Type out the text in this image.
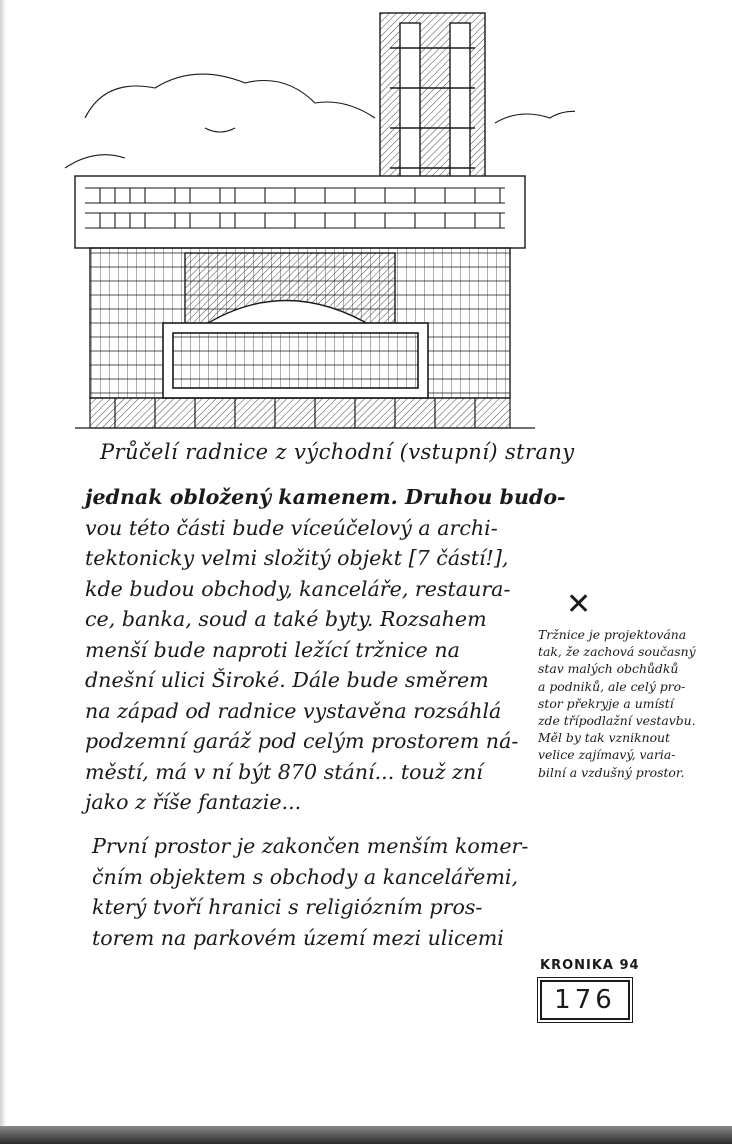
Průčelí radnice z východní (vstupní) strany
jednak obložený kamenem. Druhou budo-
vou této části bude víceúčelový a archi-
tektonicky velmi složitý objekt [7 částí!],
kde budou obchody, kanceláře, restaura-
ce, banka, soud a také byty. Rozsahem
menší bude naproti ležící tržnice na
dnešní ulici Široké. Dále bude směrem
na západ od radnice vystavěna rozsáhlá
podzemní garáž pod celým prostorem ná-
městí, má v ní být 870 stání... touž zní
jako z říše fantazie...
První prostor je zakončen menším komer-
čním objektem s obchody a kancelářemi,
který tvoří hranici s religiózním pros-
torem na parkovém území mezi ulicemi
✕
Tržnice je projektována
tak, že zachová současný
stav malých obchůdků
a podniků, ale celý pro-
stor překryje a umístí
zde třípodlažní vestavbu.
Měl by tak vzniknout
velice zajímavý, varia-
bilní a vzdušný prostor.
KRONIKA 94
176
